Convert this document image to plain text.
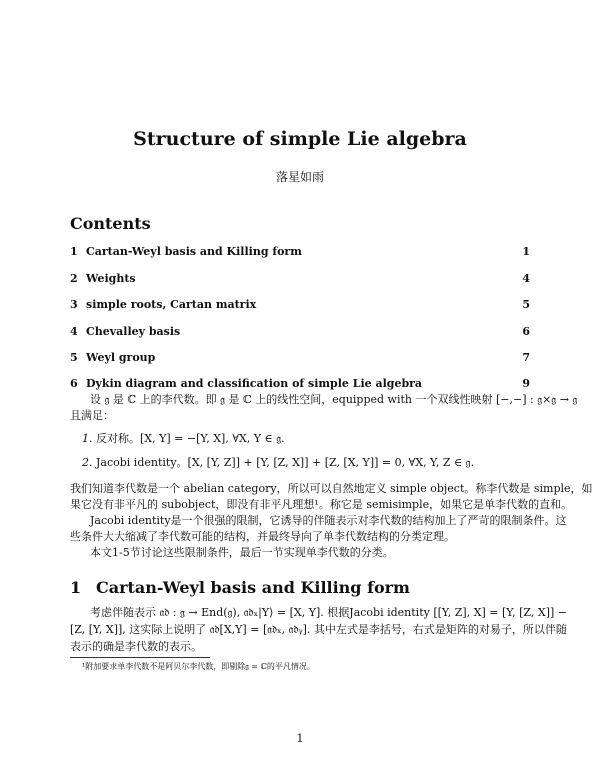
Structure of simple Lie algebra
落星如雨
Contents
1 Cartan-Weyl basis and Killing form	1
2 Weights	4
3 simple roots, Cartan matrix	5
4 Chevalley basis	6
5 Weyl group	7
6 Dykin diagram and classification of simple Lie algebra	9
设 𝔤 是 ℂ 上的李代数。即 𝔤 是 ℂ 上的线性空间，equipped with 一个双线性映射 [−,−] : 𝔤×𝔤 → 𝔤
且满足：
1. 反对称。[X, Y] = −[Y, X], ∀X, Y ∈ 𝔤.
2. Jacobi identity。[X, [Y, Z]] + [Y, [Z, X]] + [Z, [X, Y]] = 0, ∀X, Y, Z ∈ 𝔤.
我们知道李代数是一个 abelian category，所以可以自然地定义 simple object。称李代数是 simple，如
果它没有非平凡的 subobject，即没有非平凡理想¹。称它是 semisimple，如果它是单李代数的直和。
Jacobi identity是一个很强的限制，它诱导的伴随表示对李代数的结构加上了严苛的限制条件。这
些条件大大缩减了李代数可能的结构，并最终导向了单李代数结构的分类定理。
本文1-5节讨论这些限制条件，最后一节实现单李代数的分类。
1 Cartan-Weyl basis and Killing form
考虑伴随表示 𝔞𝔡 : 𝔤 → End(𝔤), 𝔞𝔡ₓ|Y⟩ = [X, Y]. 根据Jacobi identity [[Y, Z], X] = [Y, [Z, X]] −
[Z, [Y, X]], 这实际上说明了 𝔞𝔡[X,Y] = [𝔞𝔡ₓ, 𝔞𝔡ᵧ]. 其中左式是李括号，右式是矩阵的对易子，所以伴随
表示的确是李代数的表示。
¹附加要求单李代数不是阿贝尔李代数，即剔除𝔤 = ℂ的平凡情况。
1
